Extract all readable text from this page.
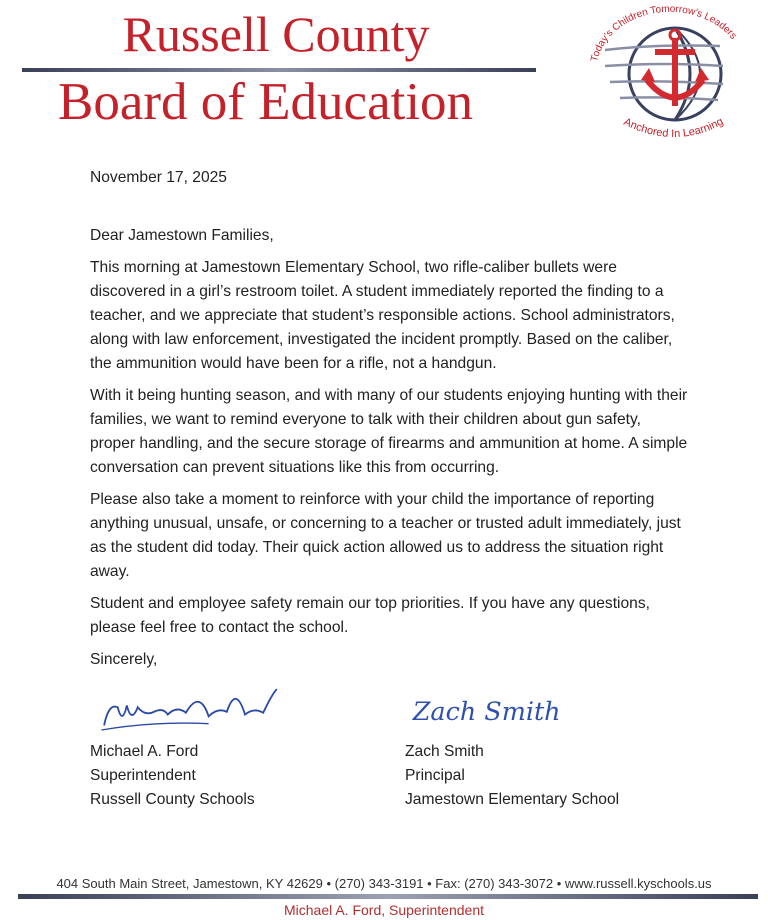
Russell County
Board of Education
Today's Children Tomorrow's Leaders
Anchored In Learning

November 17, 2025

Dear Jamestown Families,

This morning at Jamestown Elementary School, two rifle-caliber bullets were discovered in a girl’s restroom toilet. A student immediately reported the finding to a teacher, and we appreciate that student’s responsible actions. School administrators, along with law enforcement, investigated the incident promptly. Based on the caliber, the ammunition would have been for a rifle, not a handgun.

With it being hunting season, and with many of our students enjoying hunting with their families, we want to remind everyone to talk with their children about gun safety, proper handling, and the secure storage of firearms and ammunition at home. A simple conversation can prevent situations like this from occurring.

Please also take a moment to reinforce with your child the importance of reporting anything unusual, unsafe, or concerning to a teacher or trusted adult immediately, just as the student did today. Their quick action allowed us to address the situation right away.

Student and employee safety remain our top priorities. If you have any questions, please feel free to contact the school.

Sincerely,

Michael A. Ford
Superintendent
Russell County Schools
Zach Smith
Zach Smith
Principal
Jamestown Elementary School
404 South Main Street, Jamestown, KY 42629 • (270) 343-3191 • Fax: (270) 343-3072 • www.russell.kyschools.us
Michael A. Ford, Superintendent
